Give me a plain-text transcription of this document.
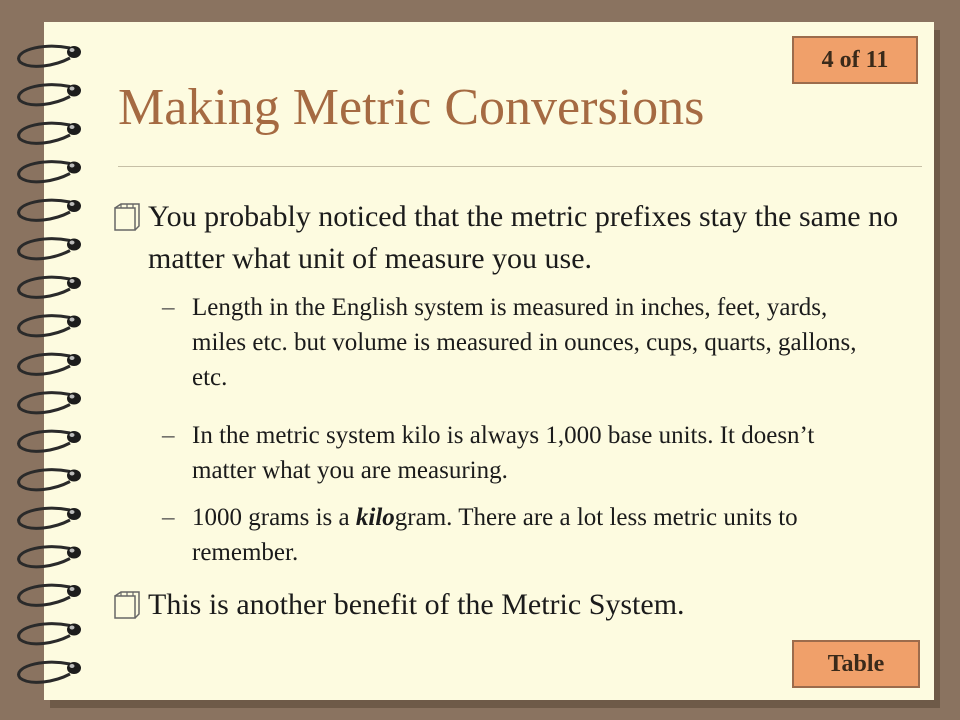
4 of 11
Making Metric Conversions
You probably noticed that the metric prefixes stay the same no matter what unit of measure you use.
– Length in the English system is measured in inches, feet, yards, miles etc. but volume is measured in ounces, cups, quarts, gallons, etc.
– In the metric system kilo is always 1,000 base units. It doesn’t matter what you are measuring.
– 1000 grams is a kilogram. There are a lot less metric units to remember.
This is another benefit of the Metric System.
Table
